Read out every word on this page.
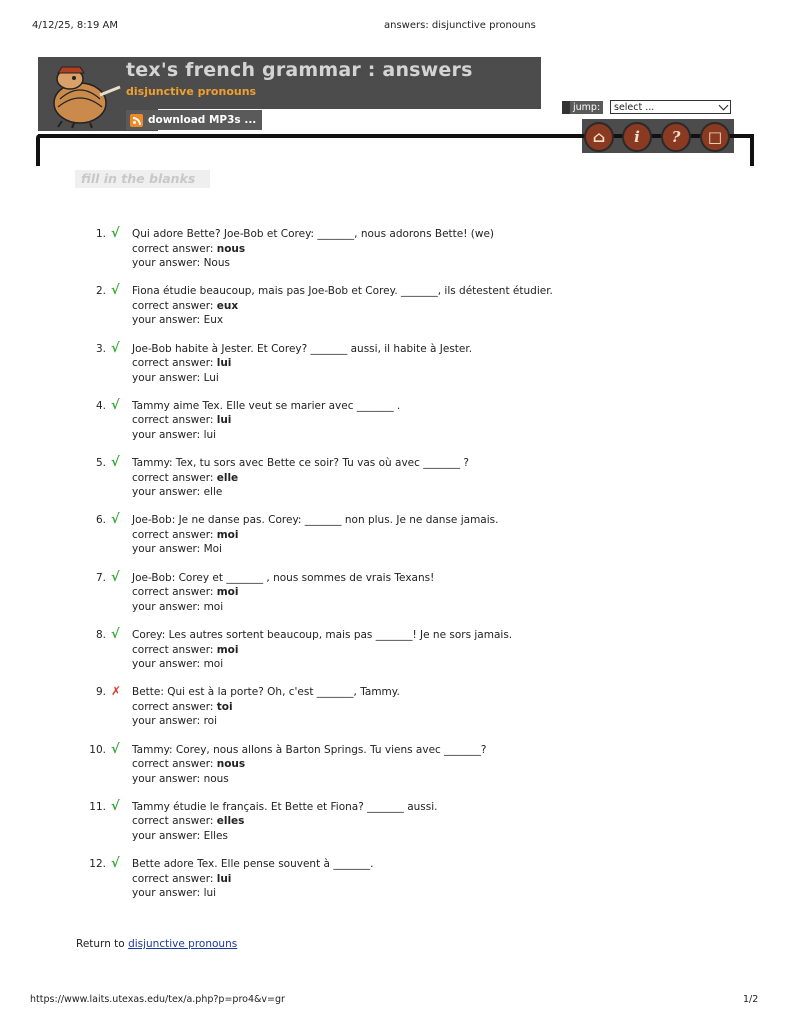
4/12/25, 8:19 AM	answers: disjunctive pronouns
tex's french grammar : answers
disjunctive pronouns
download MP3s ...
jump:	select ...
⌂	i	?	□
fill in the blanks
1. √	Qui adore Bette? Joe-Bob et Corey: _______, nous adorons Bette! (we)
correct answer: nous
your answer: Nous
2. √	Fiona étudie beaucoup, mais pas Joe-Bob et Corey. _______, ils détestent étudier.
correct answer: eux
your answer: Eux
3. √	Joe-Bob habite à Jester. Et Corey? _______ aussi, il habite à Jester.
correct answer: lui
your answer: Lui
4. √	Tammy aime Tex. Elle veut se marier avec _______ .
correct answer: lui
your answer: lui
5. √	Tammy: Tex, tu sors avec Bette ce soir? Tu vas où avec _______ ?
correct answer: elle
your answer: elle
6. √	Joe-Bob: Je ne danse pas. Corey: _______ non plus. Je ne danse jamais.
correct answer: moi
your answer: Moi
7. √	Joe-Bob: Corey et _______ , nous sommes de vrais Texans!
correct answer: moi
your answer: moi
8. √	Corey: Les autres sortent beaucoup, mais pas _______! Je ne sors jamais.
correct answer: moi
your answer: moi
9. ✗ Bette: Qui est à la porte? Oh, c'est _______, Tammy.
correct answer: toi
your answer: roi
10. √	Tammy: Corey, nous allons à Barton Springs. Tu viens avec _______?
correct answer: nous
your answer: nous
11. √	Tammy étudie le français. Et Bette et Fiona? _______ aussi.
correct answer: elles
your answer: Elles
12. √	Bette adore Tex. Elle pense souvent à _______.
correct answer: lui
your answer: lui
Return to disjunctive pronouns
https://www.laits.utexas.edu/tex/a.php?p=pro4&v=gr	1/2
